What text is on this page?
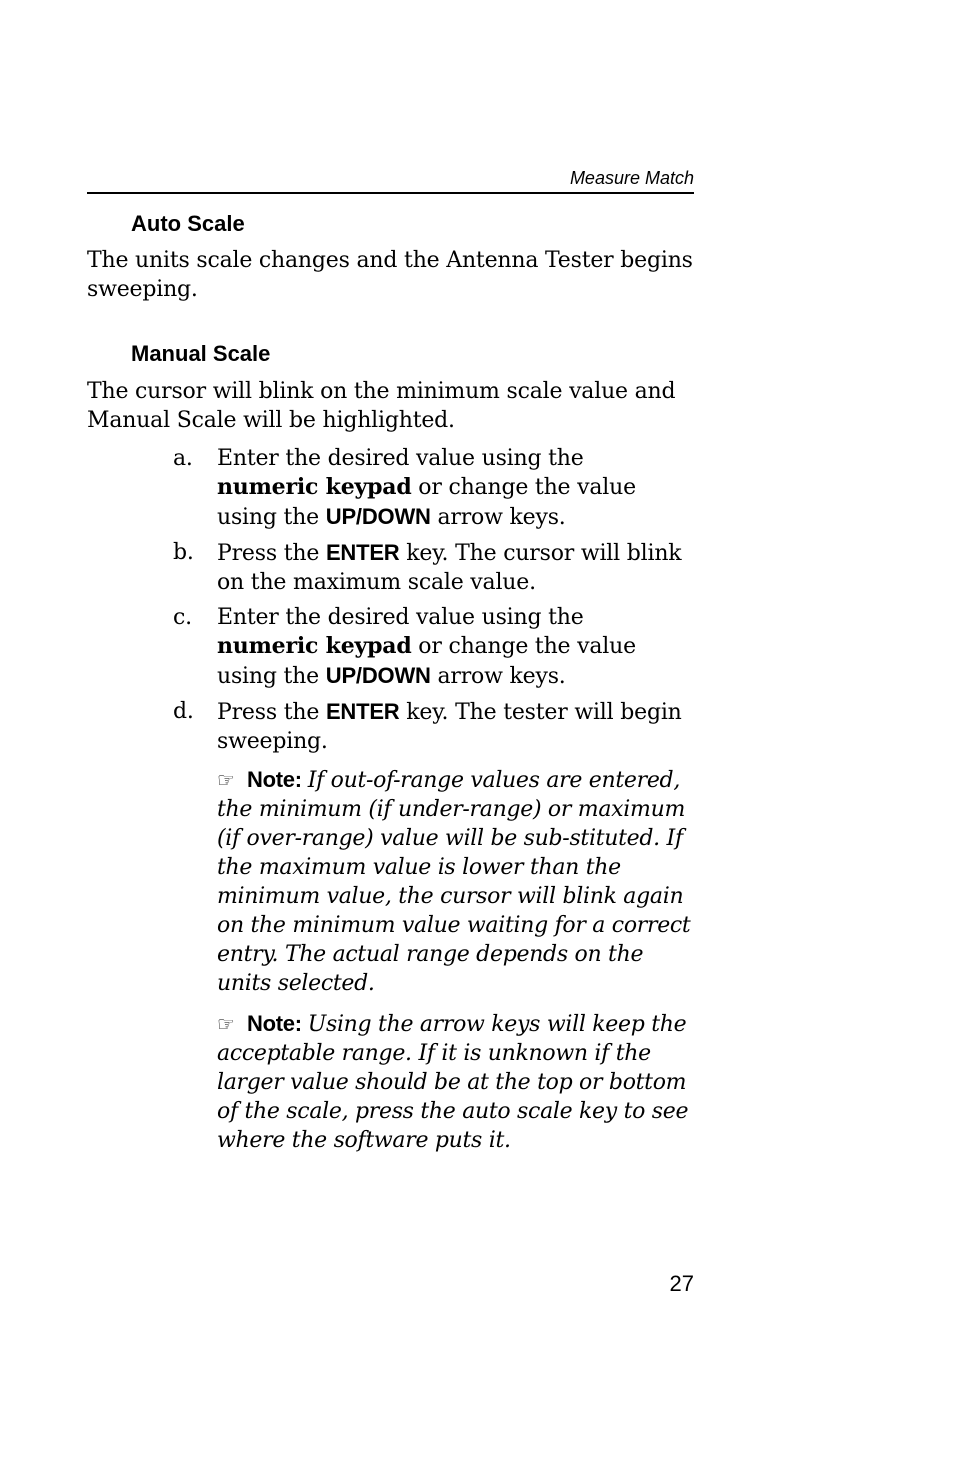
Measure Match
Auto Scale

The units scale changes and the Antenna Tester begins sweeping.

Manual Scale

The cursor will blink on the minimum scale value and Manual Scale will be highlighted.

a. Enter the desired value using the
numeric keypad or change the value using the UP/DOWN arrow keys.
b. Press the ENTER key. The cursor will blink on the maximum scale value.
c. Enter the desired value using the
numeric keypad or change the value using the UP/DOWN arrow keys.
d. Press the ENTER key. The tester will begin sweeping.
☞ Note: If out-of-range values are entered, the minimum (if under-range) or maximum (if over-range) value will be sub-stituted. If the maximum value is lower than the minimum value, the cursor will blink again on the minimum value waiting for a correct entry. The actual range depends on the units selected.
☞ Note: Using the arrow keys will keep the acceptable range. If it is unknown if the larger value should be at the top or bottom of the scale, press the auto scale key to see where the software puts it.
27
